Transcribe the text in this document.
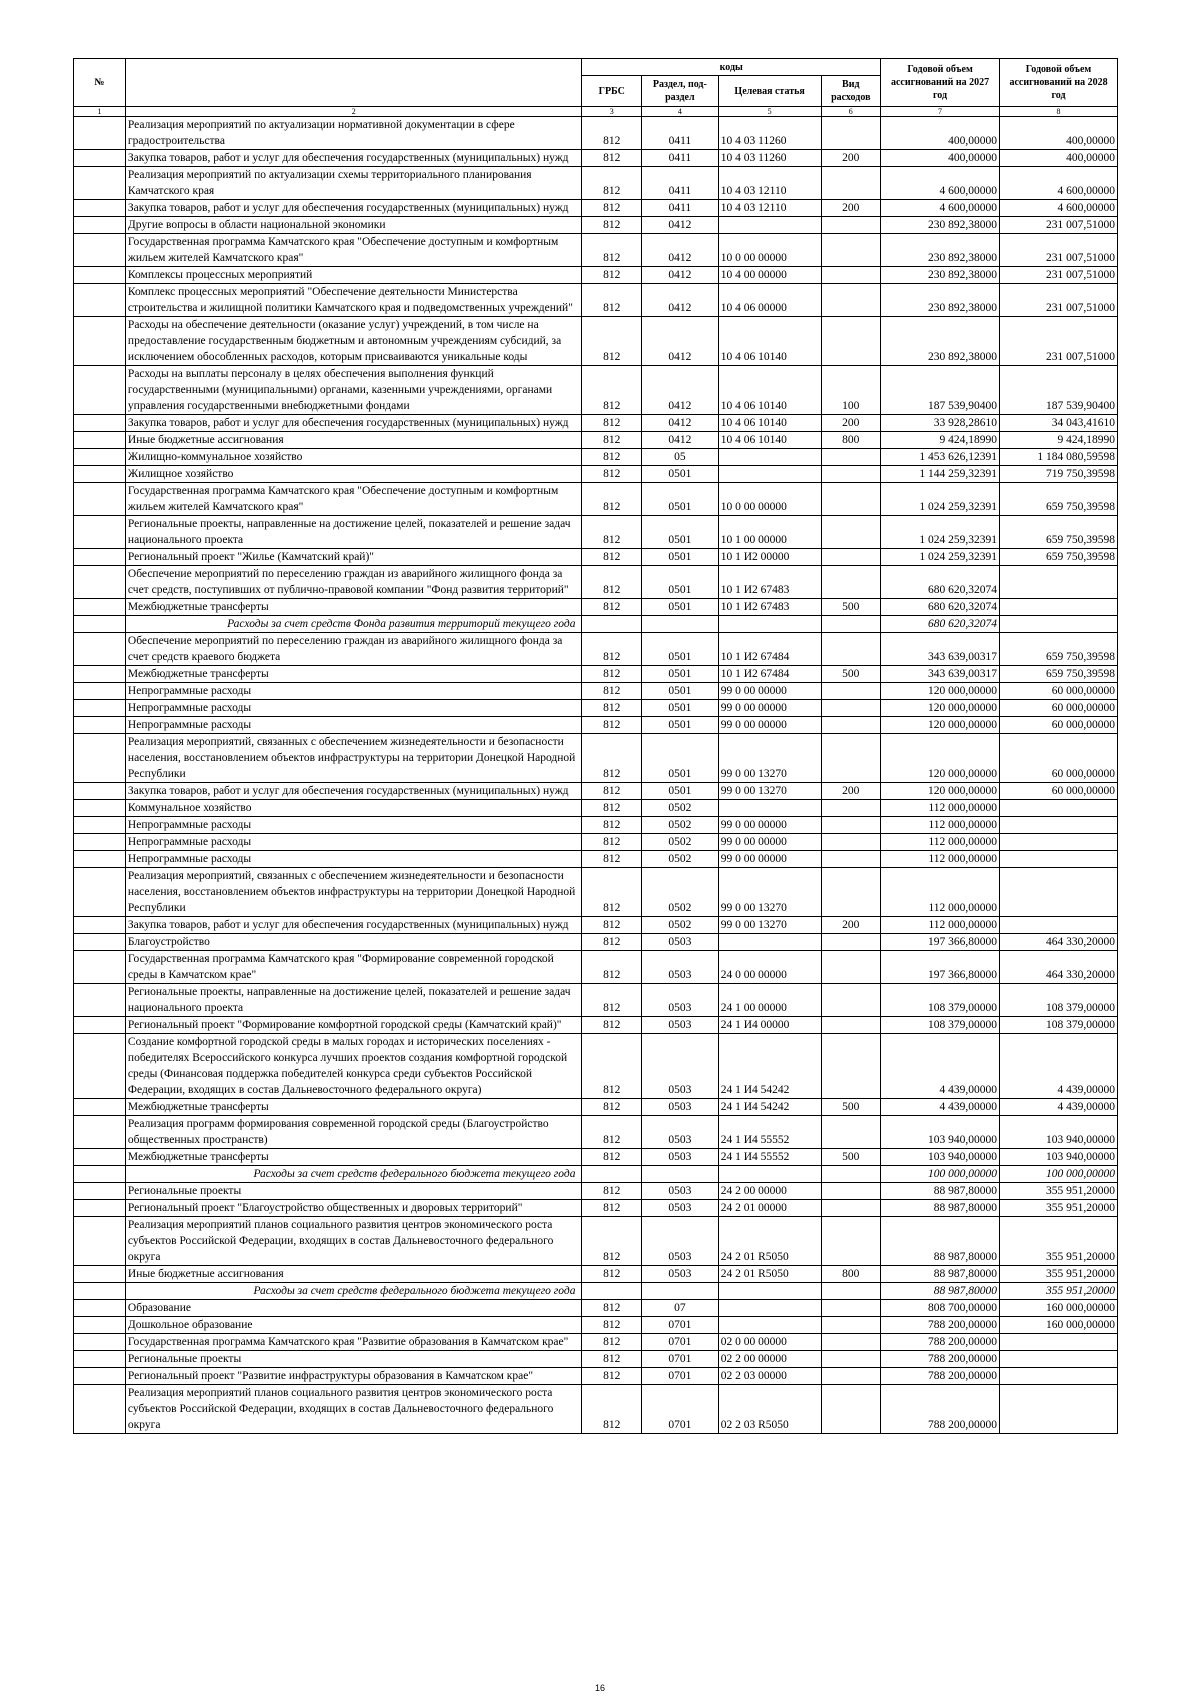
№		коды				Годовой объем ассигнований на 2027 год	Годовой объем ассигнований на 2028 год
		ГРБС	Раздел, под-раздел	Целевая статья	Вид расходов		
1	2	3	4	5	6	7	8
	Реализация мероприятий по актуализации нормативной документации в сфере градостроительства	812	0411	10 4 03 11260		400,00000	400,00000
	Закупка товаров, работ и услуг для обеспечения государственных (муниципальных) нужд	812	0411	10 4 03 11260	200	400,00000	400,00000
	Реализация мероприятий по актуализации схемы территориального планирования Камчатского края	812	0411	10 4 03 12110		4 600,00000	4 600,00000
	Закупка товаров, работ и услуг для обеспечения государственных (муниципальных) нужд	812	0411	10 4 03 12110	200	4 600,00000	4 600,00000
	Другие вопросы в области национальной экономики	812	0412			230 892,38000	231 007,51000
	Государственная программа Камчатского края "Обеспечение доступным и комфортным жильем жителей Камчатского края"	812	0412	10 0 00 00000		230 892,38000	231 007,51000
	Комплексы процессных мероприятий	812	0412	10 4 00 00000		230 892,38000	231 007,51000
	Комплекс процессных мероприятий "Обеспечение деятельности Министерства строительства и жилищной политики Камчатского края и подведомственных учреждений"	812	0412	10 4 06 00000		230 892,38000	231 007,51000
	Расходы на обеспечение деятельности (оказание услуг) учреждений, в том числе на предоставление государственным бюджетным и автономным учреждениям субсидий, за исключением обособленных расходов, которым присваиваются уникальные коды	812	0412	10 4 06 10140		230 892,38000	231 007,51000
	Расходы на выплаты персоналу в целях обеспечения выполнения функций государственными (муниципальными) органами, казенными учреждениями, органами управления государственными внебюджетными фондами	812	0412	10 4 06 10140	100	187 539,90400	187 539,90400
	Закупка товаров, работ и услуг для обеспечения государственных (муниципальных) нужд	812	0412	10 4 06 10140	200	33 928,28610	34 043,41610
	Иные бюджетные ассигнования	812	0412	10 4 06 10140	800	9 424,18990	9 424,18990
	Жилищно-коммунальное хозяйство	812	05			1 453 626,12391	1 184 080,59598
	Жилищное хозяйство	812	0501			1 144 259,32391	719 750,39598
	Государственная программа Камчатского края "Обеспечение доступным и комфортным жильем жителей Камчатского края"	812	0501	10 0 00 00000		1 024 259,32391	659 750,39598
	Региональные проекты, направленные на достижение целей, показателей и решение задач национального проекта	812	0501	10 1 00 00000		1 024 259,32391	659 750,39598
	Региональный проект "Жилье (Камчатский край)"	812	0501	10 1 И2 00000		1 024 259,32391	659 750,39598
	Обеспечение мероприятий по переселению граждан из аварийного жилищного фонда за счет средств, поступивших от публично-правовой компании "Фонд развития территорий"	812	0501	10 1 И2 67483		680 620,32074	
	Межбюджетные трансферты	812	0501	10 1 И2 67483	500	680 620,32074	
	Расходы за счет средств Фонда развития территорий текущего года					680 620,32074	
	Обеспечение мероприятий по переселению граждан из аварийного жилищного фонда за счет средств краевого бюджета	812	0501	10 1 И2 67484		343 639,00317	659 750,39598
	Межбюджетные трансферты	812	0501	10 1 И2 67484	500	343 639,00317	659 750,39598
	Непрограммные расходы	812	0501	99 0 00 00000		120 000,00000	60 000,00000
	Непрограммные расходы	812	0501	99 0 00 00000		120 000,00000	60 000,00000
	Непрограммные расходы	812	0501	99 0 00 00000		120 000,00000	60 000,00000
	Реализация мероприятий, связанных с обеспечением жизнедеятельности и безопасности населения, восстановлением объектов инфраструктуры на территории Донецкой Народной Республики	812	0501	99 0 00 13270		120 000,00000	60 000,00000
	Закупка товаров, работ и услуг для обеспечения государственных (муниципальных) нужд	812	0501	99 0 00 13270	200	120 000,00000	60 000,00000
	Коммунальное хозяйство	812	0502			112 000,00000	
	Непрограммные расходы	812	0502	99 0 00 00000		112 000,00000	
	Непрограммные расходы	812	0502	99 0 00 00000		112 000,00000	
	Непрограммные расходы	812	0502	99 0 00 00000		112 000,00000	
	Реализация мероприятий, связанных с обеспечением жизнедеятельности и безопасности населения, восстановлением объектов инфраструктуры на территории Донецкой Народной Республики	812	0502	99 0 00 13270		112 000,00000	
	Закупка товаров, работ и услуг для обеспечения государственных (муниципальных) нужд	812	0502	99 0 00 13270	200	112 000,00000	
	Благоустройство	812	0503			197 366,80000	464 330,20000
	Государственная программа Камчатского края "Формирование современной городской среды в Камчатском крае"	812	0503	24 0 00 00000		197 366,80000	464 330,20000
	Региональные проекты, направленные на достижение целей, показателей и решение задач национального проекта	812	0503	24 1 00 00000		108 379,00000	108 379,00000
	Региональный проект "Формирование комфортной городской среды (Камчатский край)"	812	0503	24 1 И4 00000		108 379,00000	108 379,00000
	Создание комфортной городской среды в малых городах и исторических поселениях - победителях Всероссийского конкурса лучших проектов создания комфортной городской среды (Финансовая поддержка победителей конкурса среди субъектов Российской Федерации, входящих в состав Дальневосточного федерального округа)	812	0503	24 1 И4 54242		4 439,00000	4 439,00000
	Межбюджетные трансферты	812	0503	24 1 И4 54242	500	4 439,00000	4 439,00000
	Реализация программ формирования современной городской среды (Благоустройство общественных пространств)	812	0503	24 1 И4 55552		103 940,00000	103 940,00000
	Межбюджетные трансферты	812	0503	24 1 И4 55552	500	103 940,00000	103 940,00000
	Расходы за счет средств федерального бюджета текущего года					100 000,00000	100 000,00000
	Региональные проекты	812	0503	24 2 00 00000		88 987,80000	355 951,20000
	Региональный проект "Благоустройство общественных и дворовых территорий"	812	0503	24 2 01 00000		88 987,80000	355 951,20000
	Реализация мероприятий планов социального развития центров экономического роста субъектов Российской Федерации, входящих в состав Дальневосточного федерального округа	812	0503	24 2 01 R5050		88 987,80000	355 951,20000
	Иные бюджетные ассигнования	812	0503	24 2 01 R5050	800	88 987,80000	355 951,20000
	Расходы за счет средств федерального бюджета текущего года					88 987,80000	355 951,20000
	Образование	812	07			808 700,00000	160 000,00000
	Дошкольное образование	812	0701			788 200,00000	160 000,00000
	Государственная программа Камчатского края "Развитие образования в Камчатском крае"	812	0701	02 0 00 00000		788 200,00000	
	Региональные проекты	812	0701	02 2 00 00000		788 200,00000	
	Региональный проект "Развитие инфраструктуры образования в Камчатском крае"	812	0701	02 2 03 00000		788 200,00000	
	Реализация мероприятий планов социального развития центров экономического роста субъектов Российской Федерации, входящих в состав Дальневосточного федерального округа	812	0701	02 2 03 R5050		788 200,00000	
16
